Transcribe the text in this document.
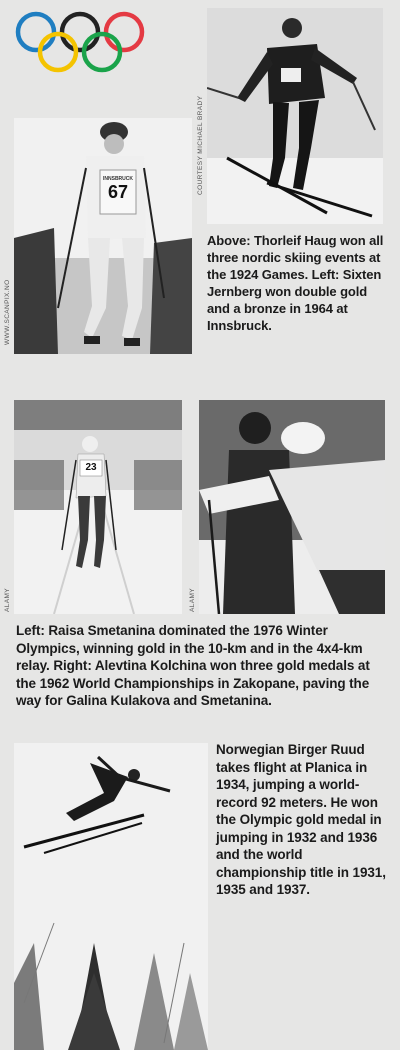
COURTESY MICHAEL BRADY
INNSBRUCK
67
WWW.SCANPIX.NO
Above: Thorleif Haug won all three nordic skiing events at the 1924 Games. Left: Sixten Jernberg won double gold and a bronze in 1964 at Innsbruck.
23
ALAMY	ALAMY
Left: Raisa Smetanina dominated the 1976 Winter Olympics, winning gold in the 10-km and in the 4x4-km relay. Right: Alevtina Kolchina won three gold medals at the 1962 World Championships in Zakopane, paving the way for Galina Kulakova and Smetanina.
Norwegian Birger Ruud takes flight at Planica in 1934, jumping a world-record 92 meters. He won the Olympic gold medal in jumping in 1932 and 1936 and the world championship title in 1931, 1935 and 1937.
